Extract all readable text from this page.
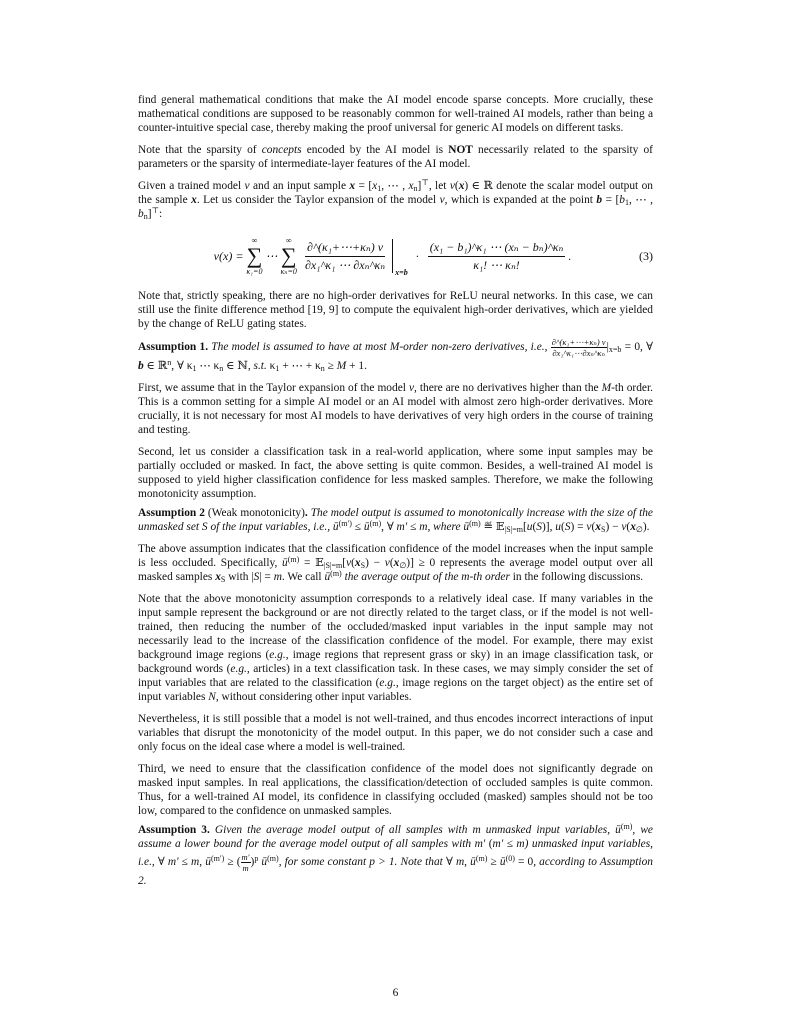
find general mathematical conditions that make the AI model encode sparse concepts. More crucially, these mathematical conditions are supposed to be reasonably common for well-trained AI models, rather than being a counter-intuitive special case, thereby making the proof universal for generic AI models on different tasks.

Note that the sparsity of concepts encoded by the AI model is NOT necessarily related to the sparsity of parameters or the sparsity of intermediate-layer features of the AI model.

Given a trained model v and an input sample $x = [x_1$, ⋯ , $x_n]^⊤$, let v(x) ∈ ℝ denote the scalar model output on the sample x. Let us consider the Taylor expansion of the model v, which is expanded at the point $b = [b_1$, ⋯ , $b_n]^⊤$:

v(x) =
∞
∑
κ₁=0
⋯
∞
∑
$\kappa_n=0 \frac{\text{∂\textasciicircum{}(κ₁+⋯+κₙ) v}}{\text{∂x₁\textasciicircum{}κ₁ ⋯ ∂xₙ\textasciicircum{}κₙ}} x=b$
· $\frac{\text{(x₁ − b₁)\textasciicircum{}κ₁ ⋯ (xₙ − bₙ)\textasciicircum{}κₙ}}{\text{κ₁! ⋯ κₙ!}}$ .	(3)

Note that, strictly speaking, there are no high-order derivatives for ReLU neural networks. In this case, we can still use the finite difference method [19, 9] to compute the equivalent high-order derivatives, which are yielded by the change of ReLU gating states.

Assumption 1. The model is assumed to have at most M-order non-zero derivatives, i.e., $\frac{\text{∂\textasciicircum{}(κ₁+⋯+κₙ) v}}{\text{∂x₁\textasciicircum{}κ₁⋯∂xₙ\textasciicircum{}κₙ}} |_{x=b} = 0$, ∀ b ∈ ℝ$^n$, ∀ $\kappa_1$ ⋯ $\kappa_n$ ∈ ℕ, s.t. $\kappa_1$ + ⋯ + $\kappa_n \ge M + 1$.

First, we assume that in the Taylor expansion of the model v, there are no derivatives higher than the M-th order. This is a common setting for a simple AI model or an AI model with almost zero high-order derivatives. More crucially, it is not necessary for most AI models to have derivatives of very high orders in the course of training and testing.

Second, let us consider a classification task in a real-world application, where some input samples may be partially occluded or masked. In fact, the above setting is quite common. Besides, a well-trained AI model is supposed to yield higher classification confidence for less masked samples. Therefore, we make the following monotonicity assumption.

Assumption 2 (Weak monotonicity). The model output is assumed to monotonically increase with the size of the unmasked set S of the input variables, i.e., $ū^{(m')}$ ≤ $ū^{(m)}$, ∀ m′ ≤ m, where $ū^{(m)}$ ≝ 𝔼$_{|S|=m}$[u(S)], $u(S) = v(x_S) - v(x_\emptyset)$.

The above assumption indicates that the classification confidence of the model increases when the input sample is less occluded. Specifically, $ū^{(m)}$ = $𝔼_{|S|=m}[v(x_S) - v(x_\emptyset)] \ge 0$ represents the average model output over all masked samples $x_S$ with |S| = m. We call $ū^{(m)}$ the average output of the m-th order in the following discussions.

Note that the above monotonicity assumption corresponds to a relatively ideal case. If many variables in the input sample represent the background or are not directly related to the target class, or if the model is not well-trained, then reducing the number of the occluded/masked input variables in the input sample may not necessarily lead to the increase of the classification confidence of the model. For example, there may exist background image regions (e.g., image regions that represent grass or sky) in an image classification task, or background words (e.g., articles) in a text classification task. In these cases, we may simply consider the set of input variables that are related to the classification (e.g., image regions on the target object) as the entire set of input variables N, without considering other input variables.

Nevertheless, it is still possible that a model is not well-trained, and thus encodes incorrect interactions of input variables that disrupt the monotonicity of the model output. In this paper, we do not consider such a case and only focus on the ideal case where a model is well-trained.

Third, we need to ensure that the classification confidence of the model does not significantly degrade on masked input samples. In real applications, the classification/detection of occluded samples is quite common. Thus, for a well-trained AI model, its confidence in classifying occluded (masked) samples should not be too low, compared to the confidence on unmasked samples.

Assumption 3. Given the average model output of all samples with m unmasked input variables, $ū^{(m)}$, we assume a lower bound for the average model output of all samples with m′ (m′ ≤ m) unmasked input variables, i.e., ∀ m′ ≤ m, $ū^{(m')}$ ≥ ( $\frac{m'}{m} )^p$ $ū^{(m)}$, for some constant p > 1. Note that ∀ m, $ū^{(m)}$ ≥ $ū^{(0)} = 0$, according to Assumption 2.

6
